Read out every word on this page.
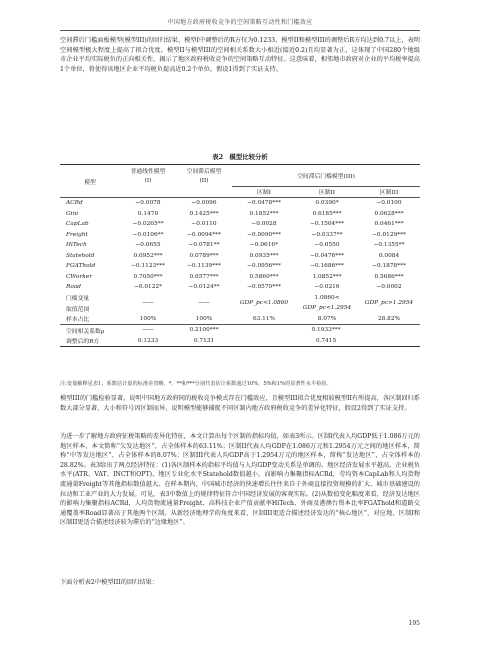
中国地方政府税收竞争的空间策略互动性和门槛效应
空间滞后门槛面板模型(模型III)的回归结果。模型I中调整后的R方仅为0.1233，模型II和模型III的调整后R方均达到0.7以上，表明空间模型极大程度上提高了拟合优度。模型II与模型III的空间相关系数大小相近(接近0.2)且均显著为正，这体现了中国280个地级市企业平均实际税负的正向相关性，揭示了地区政府税收竞争的空间策略互动特征。这意味着，相邻地市政府对企业的平均税率提高1个单位，将使得该地区企业平均税负提高近0.2个单位。假设1得到了实证支持。
表2　模型比较分析
模型	普通线性模型	空间滞后模型	空间滞后门槛模型(III)		
	(I)	(II)			
			区制I	区制II	区制III
ACRd	−0.0078	−0.0096	−0.0478***	0.0390*	−0.0100
Gini	0.1470	0.1425***	0.1852***	0.6185***	0.0628***
CapLab	−0.0265**	−0.0110	−0.0028	−0.1504***	0.0461***
Freight	−0.0106**	−0.0094***	−0.0090***	−0.0337**	−0.0129***
HiTech	−0.0655	−0.0781**	−0.0616*	−0.0550	−0.1355**
Statehold	0.0952***	0.0789***	0.0935***	−0.0476***	0.0084
FGAThold	−0.1123***	−0.1139***	−0.0956***	−0.1686***	−0.1878***
CWorker	0.7050***	0.6577***	0.5860***	1.0852***	0.5686***
Road	−0.0122*	−0.0124**	−0.0570***	−0.0216	−0.0002
门槛变量	——	——	GDP_pc<1.0860	1.0860<	GDP_pc>1.2954
取值范围				GDP_pc<1.2954	
样本占比	100%	100%	63.11%	8.07%	28.82%
空间相关系数ρ	——	0.2100***	0.1933***		
调整后的R方	0.1233	0.7131	0.7415		
注:变量解释见表1，系数估计量的标准差省略，*、**和***分别代表估计系数通过10%、5%和1%的显著性水平检验。
模型III的门槛检验显著，说明中国地方政府间的税收竞争模式存在门槛效应，且模型III拟合优度相较模型II有所提高，各区制回归系数大部分显著，大小和符号因区制而异，说明模型能够捕捉不同区制内地方政府税收竞争的差异化特征，假设2得到了实证支持。
为进一步了解地方政府征税策略的差异化特征，本文计算出每个区制的指标均值，如表3所示。区制I代表人均GDP低于1.086万元的地区样本，本文简称“欠发达地区”，占全体样本的63.11%；区制II代表人均GDP在1.086万元和1.2954万元之间的地区样本，简称“中等发达地区”，占全体样本的8.07%；区制III代表人均GDP高于1.2954万元的地区样本，简称“发达地区”，占全体样本的28.82%。表3给出了两点经济特征：(1)各区制样本的指标平均值与人均GDP变动关系是单调的。地区经济发展水平越高，企业税负水平(ATR、VAT、INCT和OPT)、地区专业化水平Statehold数值越小，而影响力集聚指标ACRd，劳均资本CapLab和人均货物流通量Freight等其他指标数值越大。在样本期内，中国城市经济的快速增长往往来自于外商直接投资规模的扩大、城市基础建设的拉动和工业产业的大力发展。可见，表3中数值上的规律特征符合中国经济发展的客观实际。(2)从数值变化幅度来看，经济发达地区的影响力集聚指标ACRd，人均货物流通量Freight、高科技企业产值贡献率HiTech、外商及港澳台资本比率FGAThold和道路交通覆盖率Road显著高于其他两个区制。从新经济地理学的角度来看，区制III更适合描述经济发达的“核心地区”，对应地，区制I和区制II更适合描述经济较为滞后的“边缘地区”。
下面分析表2中模型III的回归结果：
195
